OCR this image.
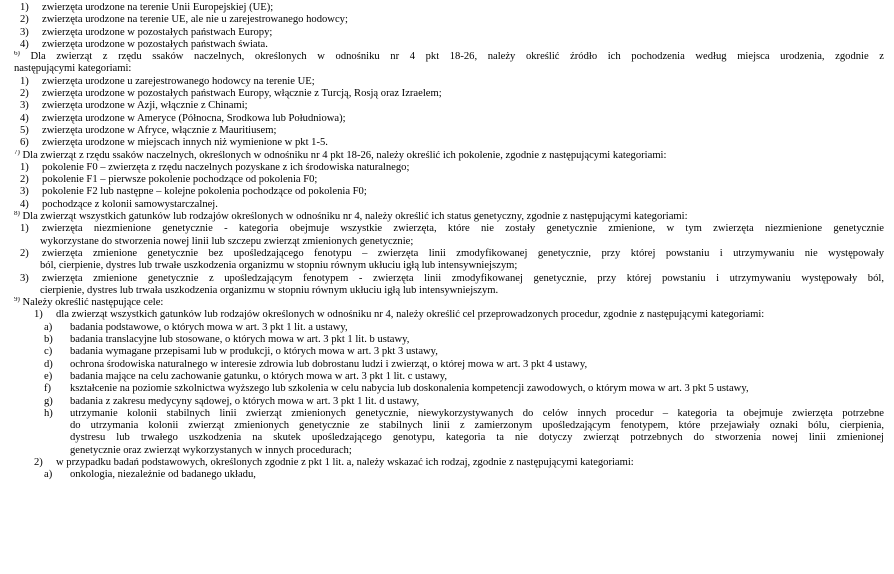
1) zwierzęta urodzone na terenie Unii Europejskiej (UE);
2) zwierzęta urodzone na terenie UE, ale nie u zarejestrowanego hodowcy;
3) zwierzęta urodzone w pozostałych państwach Europy;
4) zwierzęta urodzone w pozostałych państwach świata.
$^{6)}$ Dla zwierząt z rzędu ssaków naczelnych, określonych w odnośniku nr 4 pkt 18-26, należy określić źródło ich pochodzenia według miejsca urodzenia, zgodnie z
następującymi kategoriami:
1) zwierzęta urodzone u zarejestrowanego hodowcy na terenie UE;
2) zwierzęta urodzone w pozostałych państwach Europy, włącznie z Turcją, Rosją oraz Izraelem;
3) zwierzęta urodzone w Azji, włącznie z Chinami;
4) zwierzęta urodzone w Ameryce (Północna, Środkowa lub Południowa);
5) zwierzęta urodzone w Afryce, włącznie z Mauritiusem;
6) zwierzęta urodzone w miejscach innych niż wymienione w pkt 1-5.
$^{7)}$ Dla zwierząt z rzędu ssaków naczelnych, określonych w odnośniku nr 4 pkt 18-26, należy określić ich pokolenie, zgodnie z następującymi kategoriami:
1) pokolenie F0 – zwierzęta z rzędu naczelnych pozyskane z ich środowiska naturalnego;
2) pokolenie F1 – pierwsze pokolenie pochodzące od pokolenia F0;
3) pokolenie F2 lub następne – kolejne pokolenia pochodzące od pokolenia F0;
4) pochodzące z kolonii samowystarczalnej.
$^{8)}$ Dla zwierząt wszystkich gatunków lub rodzajów określonych w odnośniku nr 4, należy określić ich status genetyczny, zgodnie z następującymi kategoriami:
1) zwierzęta niezmienione genetycznie - kategoria obejmuje wszystkie zwierzęta, które nie zostały genetycznie zmienione, w tym zwierzęta niezmienione genetycznie
wykorzystane do stworzenia nowej linii lub szczepu zwierząt zmienionych genetycznie;
2) zwierzęta zmienione genetycznie bez upośledzającego fenotypu – zwierzęta linii zmodyfikowanej genetycznie, przy której powstaniu i utrzymywaniu nie występowały
ból, cierpienie, dystres lub trwałe uszkodzenia organizmu w stopniu równym ukłuciu igłą lub intensywniejszym;
3) zwierzęta zmienione genetycznie z upośledzającym fenotypem - zwierzęta linii zmodyfikowanej genetycznie, przy której powstaniu i utrzymywaniu występowały ból,
cierpienie, dystres lub trwała uszkodzenia organizmu w stopniu równym ukłuciu igłą lub intensywniejszym.
$^{9)}$ Należy określić następujące cele:
1) dla zwierząt wszystkich gatunków lub rodzajów określonych w odnośniku nr 4, należy określić cel przeprowadzonych procedur, zgodnie z następującymi kategoriami:
a) badania podstawowe, o których mowa w art. 3 pkt 1 lit. a ustawy,
b) badania translacyjne lub stosowane, o których mowa w art. 3 pkt 1 lit. b ustawy,
c) badania wymagane przepisami lub w produkcji, o których mowa w art. 3 pkt 3 ustawy,
d) ochrona środowiska naturalnego w interesie zdrowia lub dobrostanu ludzi i zwierząt, o której mowa w art. 3 pkt 4 ustawy,
e) badania mające na celu zachowanie gatunku, o których mowa w art. 3 pkt 1 lit. c ustawy,
f) kształcenie na poziomie szkolnictwa wyższego lub szkolenia w celu nabycia lub doskonalenia kompetencji zawodowych, o którym mowa w art. 3 pkt 5 ustawy,
g) badania z zakresu medycyny sądowej, o których mowa w art. 3 pkt 1 lit. d ustawy,
h) utrzymanie kolonii stabilnych linii zwierząt zmienionych genetycznie, niewykorzystywanych do celów innych procedur – kategoria ta obejmuje zwierzęta potrzebne
do utrzymania kolonii zwierząt zmienionych genetycznie ze stabilnych linii z zamierzonym upośledzającym fenotypem, które przejawiały oznaki bólu, cierpienia,
dystresu lub trwałego uszkodzenia na skutek upośledzającego genotypu, kategoria ta nie dotyczy zwierząt potrzebnych do stworzenia nowej linii zmienionej
genetycznie oraz zwierząt wykorzystanych w innych procedurach;
2) w przypadku badań podstawowych, określonych zgodnie z pkt 1 lit. a, należy wskazać ich rodzaj, zgodnie z następującymi kategoriami:
a) onkologia, niezależnie od badanego układu,
